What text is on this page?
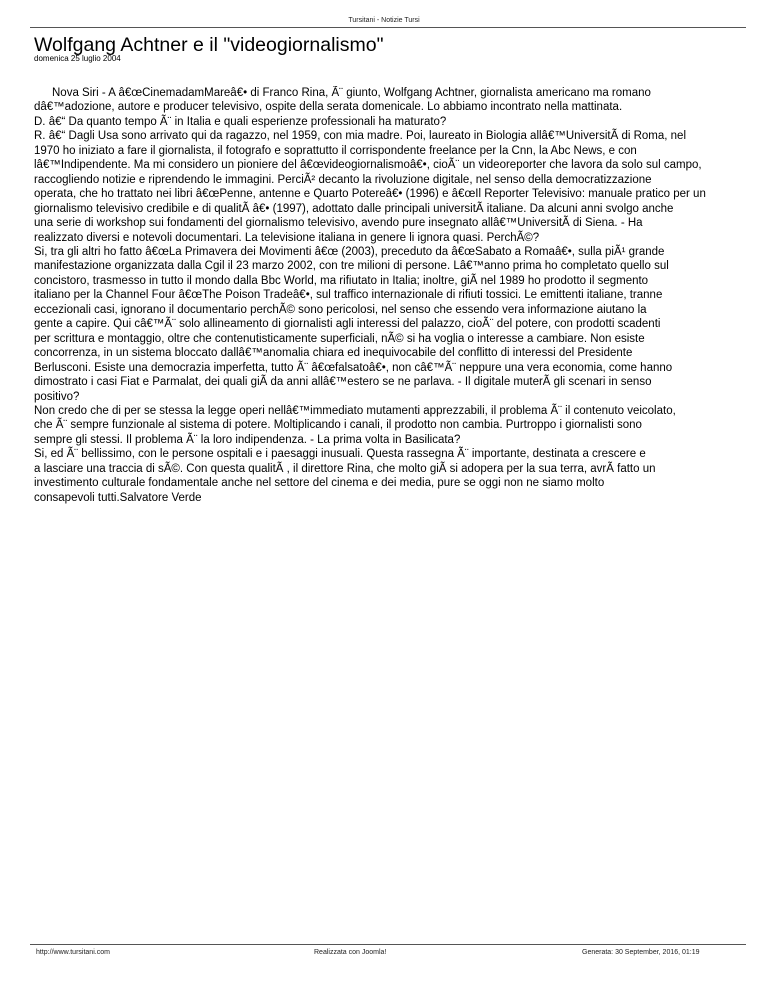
Tursitani - Notizie Tursi
Wolfgang Achtner e il "videogiornalismo"
domenica 25 luglio 2004
Nova Siri - A â€œCinemadamMareâ€• di Franco Rina, Ã¨ giunto, Wolfgang Achtner, giornalista americano ma romano
dâ€™adozione, autore e producer televisivo, ospite della serata domenicale. Lo abbiamo incontrato nella mattinata.
D. â€“ Da quanto tempo Ã¨ in Italia e quali esperienze professionali ha maturato?
R. â€“ Dagli Usa sono arrivato qui da ragazzo, nel 1959, con mia madre. Poi, laureato in Biologia allâ€™UniversitÃ di Roma, nel
1970 ho iniziato a fare il giornalista, il fotografo e soprattutto il corrispondente freelance per la Cnn, la Abc News, e con
lâ€™Indipendente. Ma mi considero un pioniere del â€œvideogiornalismoâ€•, cioÃ¨ un videoreporter che lavora da solo sul campo,
raccogliendo notizie e riprendendo le immagini. PerciÃ² decanto la rivoluzione digitale, nel senso della democratizzazione
operata, che ho trattato nei libri â€œPenne, antenne e Quarto Potereâ€• (1996) e â€œIl Reporter Televisivo: manuale pratico per un
giornalismo televisivo credibile e di qualitÃ â€• (1997), adottato dalle principali universitÃ italiane. Da alcuni anni svolgo anche
una serie di workshop sui fondamenti del giornalismo televisivo, avendo pure insegnato allâ€™UniversitÃ di Siena. - Ha
realizzato diversi e notevoli documentari. La televisione italiana in genere li ignora quasi. PerchÃ©?
Si, tra gli altri ho fatto â€œLa Primavera dei Movimenti â€œ (2003), preceduto da â€œSabato a Romaâ€•, sulla piÃ¹ grande
manifestazione organizzata dalla Cgil il 23 marzo 2002, con tre milioni di persone. Lâ€™anno prima ho completato quello sul
concistoro, trasmesso in tutto il mondo dalla Bbc World, ma rifiutato in Italia; inoltre, giÃ nel 1989 ho prodotto il segmento
italiano per la Channel Four â€œThe Poison Tradeâ€•, sul traffico internazionale di rifiuti tossici. Le emittenti italiane, tranne
eccezionali casi, ignorano il documentario perchÃ© sono pericolosi, nel senso che essendo vera informazione aiutano la
gente a capire. Qui câ€™Ã¨ solo allineamento di giornalisti agli interessi del palazzo, cioÃ¨ del potere, con prodotti scadenti
per scrittura e montaggio, oltre che contenutisticamente superficiali, nÃ© si ha voglia o interesse a cambiare. Non esiste
concorrenza, in un sistema bloccato dallâ€™anomalia chiara ed inequivocabile del conflitto di interessi del Presidente
Berlusconi. Esiste una democrazia imperfetta, tutto Ã¨ â€œfalsatoâ€•, non câ€™Ã¨ neppure una vera economia, come hanno
dimostrato i casi Fiat e Parmalat, dei quali giÃ da anni allâ€™estero se ne parlava. - Il digitale muterÃ gli scenari in senso
positivo?
Non credo che di per se stessa la legge operi nellâ€™immediato mutamenti apprezzabili, il problema Ã¨ il contenuto veicolato,
che Ã¨ sempre funzionale al sistema di potere. Moltiplicando i canali, il prodotto non cambia. Purtroppo i giornalisti sono
sempre gli stessi. Il problema Ã¨ la loro indipendenza. - La prima volta in Basilicata?
Si, ed Ã¨ bellissimo, con le persone ospitali e i paesaggi inusuali. Questa rassegna Ã¨ importante, destinata a crescere e
a lasciare una traccia di sÃ©. Con questa qualitÃ , il direttore Rina, che molto giÃ si adopera per la sua terra, avrÃ fatto un
investimento culturale fondamentale anche nel settore del cinema e dei media, pure se oggi non ne siamo molto
consapevoli tutti.Salvatore Verde
http://www.tursitani.com	Realizzata con Joomla!	Generata: 30 September, 2016, 01:19
